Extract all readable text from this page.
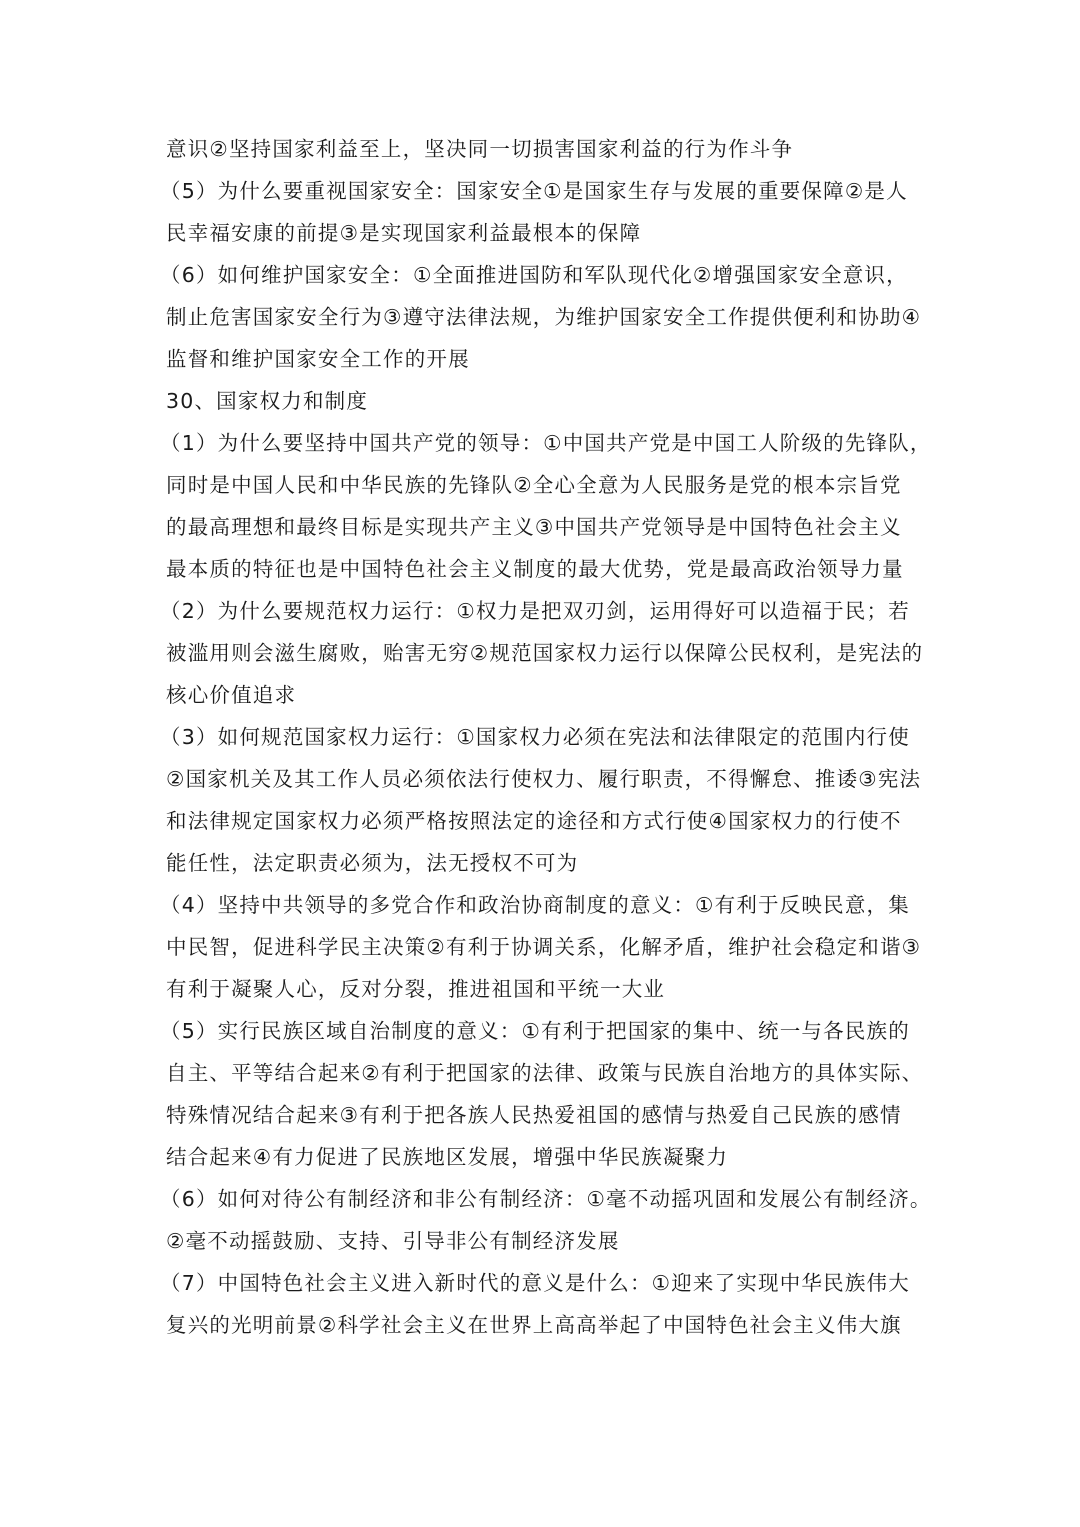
意识②坚持国家利益至上，坚决同一切损害国家利益的行为作斗争
（5）为什么要重视国家安全：国家安全①是国家生存与发展的重要保障②是人
民幸福安康的前提③是实现国家利益最根本的保障
（6）如何维护国家安全：①全面推进国防和军队现代化②增强国家安全意识，
制止危害国家安全行为③遵守法律法规，为维护国家安全工作提供便利和协助④
监督和维护国家安全工作的开展
30、国家权力和制度
（1）为什么要坚持中国共产党的领导：①中国共产党是中国工人阶级的先锋队，
同时是中国人民和中华民族的先锋队②全心全意为人民服务是党的根本宗旨党
的最高理想和最终目标是实现共产主义③中国共产党领导是中国特色社会主义
最本质的特征也是中国特色社会主义制度的最大优势，党是最高政治领导力量
（2）为什么要规范权力运行：①权力是把双刃剑，运用得好可以造福于民；若
被滥用则会滋生腐败，贻害无穷②规范国家权力运行以保障公民权利，是宪法的
核心价值追求
（3）如何规范国家权力运行：①国家权力必须在宪法和法律限定的范围内行使
②国家机关及其工作人员必须依法行使权力、履行职责，不得懈怠、推诿③宪法
和法律规定国家权力必须严格按照法定的途径和方式行使④国家权力的行使不
能任性，法定职责必须为，法无授权不可为
（4）坚持中共领导的多党合作和政治协商制度的意义：①有利于反映民意，集
中民智，促进科学民主决策②有利于协调关系，化解矛盾，维护社会稳定和谐③
有利于凝聚人心，反对分裂，推进祖国和平统一大业
（5）实行民族区域自治制度的意义：①有利于把国家的集中、统一与各民族的
自主、平等结合起来②有利于把国家的法律、政策与民族自治地方的具体实际、
特殊情况结合起来③有利于把各族人民热爱祖国的感情与热爱自己民族的感情
结合起来④有力促进了民族地区发展，增强中华民族凝聚力
（6）如何对待公有制经济和非公有制经济：①毫不动摇巩固和发展公有制经济。
②毫不动摇鼓励、支持、引导非公有制经济发展
（7）中国特色社会主义进入新时代的意义是什么：①迎来了实现中华民族伟大
复兴的光明前景②科学社会主义在世界上高高举起了中国特色社会主义伟大旗
